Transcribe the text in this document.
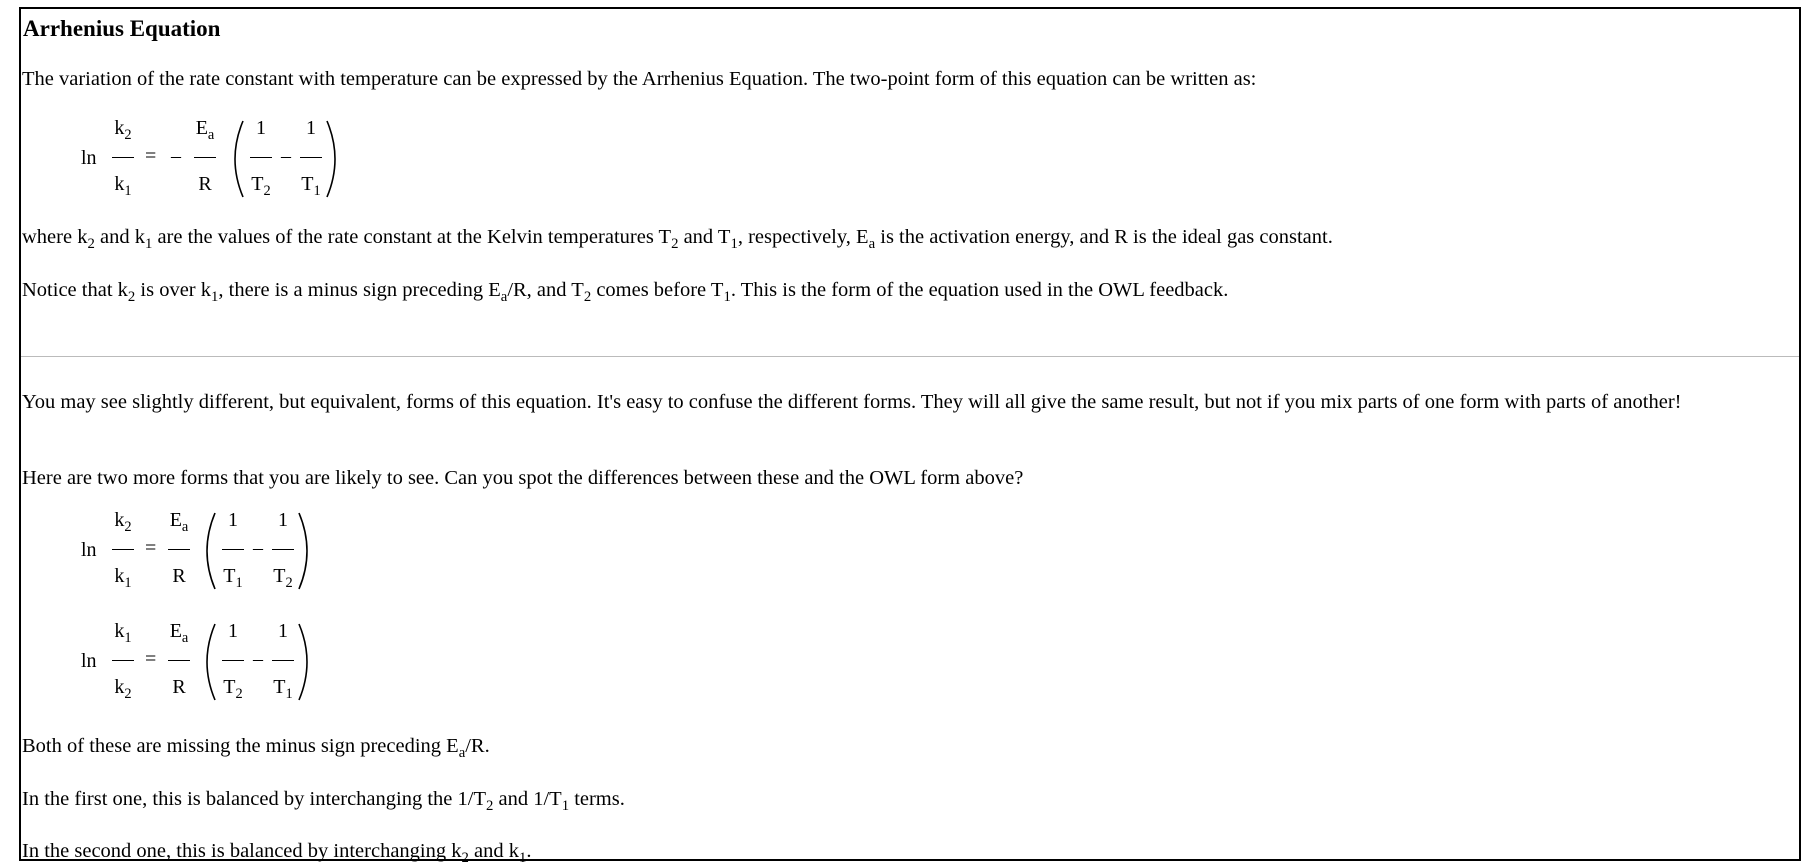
Arrhenius Equation

The variation of the rate constant with temperature can be expressed by the Arrhenius Equation. The two-point form of this equation can be written as:

ln
$k_2$
$k_1$
= –
$E_a$
R
1
$T_2$
–
1
$T_1$

where $k_2$ and $k_1$ are the values of the rate constant at the Kelvin temperatures $T_2$ and $T_1$, respectively, $E_a$ is the activation energy, and R is the ideal gas constant.

Notice that $k_2$ is over $k_1$, there is a minus sign preceding $E_a/R$, and $T_2$ comes before $T_1$. This is the form of the equation used in the OWL feedback.

You may see slightly different, but equivalent, forms of this equation. It's easy to confuse the different forms. They will all give the same result, but not if you mix parts of one form with parts of another!

Here are two more forms that you are likely to see. Can you spot the differences between these and the OWL form above?

ln
$k_2$
$k_1$
=
$E_a$
R
1
$T_1$
–
1
$T_2$
ln
$k_1$
$k_2$
=
$E_a$
R
1
$T_2$
–
1
$T_1$

Both of these are missing the minus sign preceding $E_a/R$.

In the first one, this is balanced by interchanging the $1/T_2$ and $1/T_1$ terms.

In the second one, this is balanced by interchanging $k_2$ and $k_1$.
